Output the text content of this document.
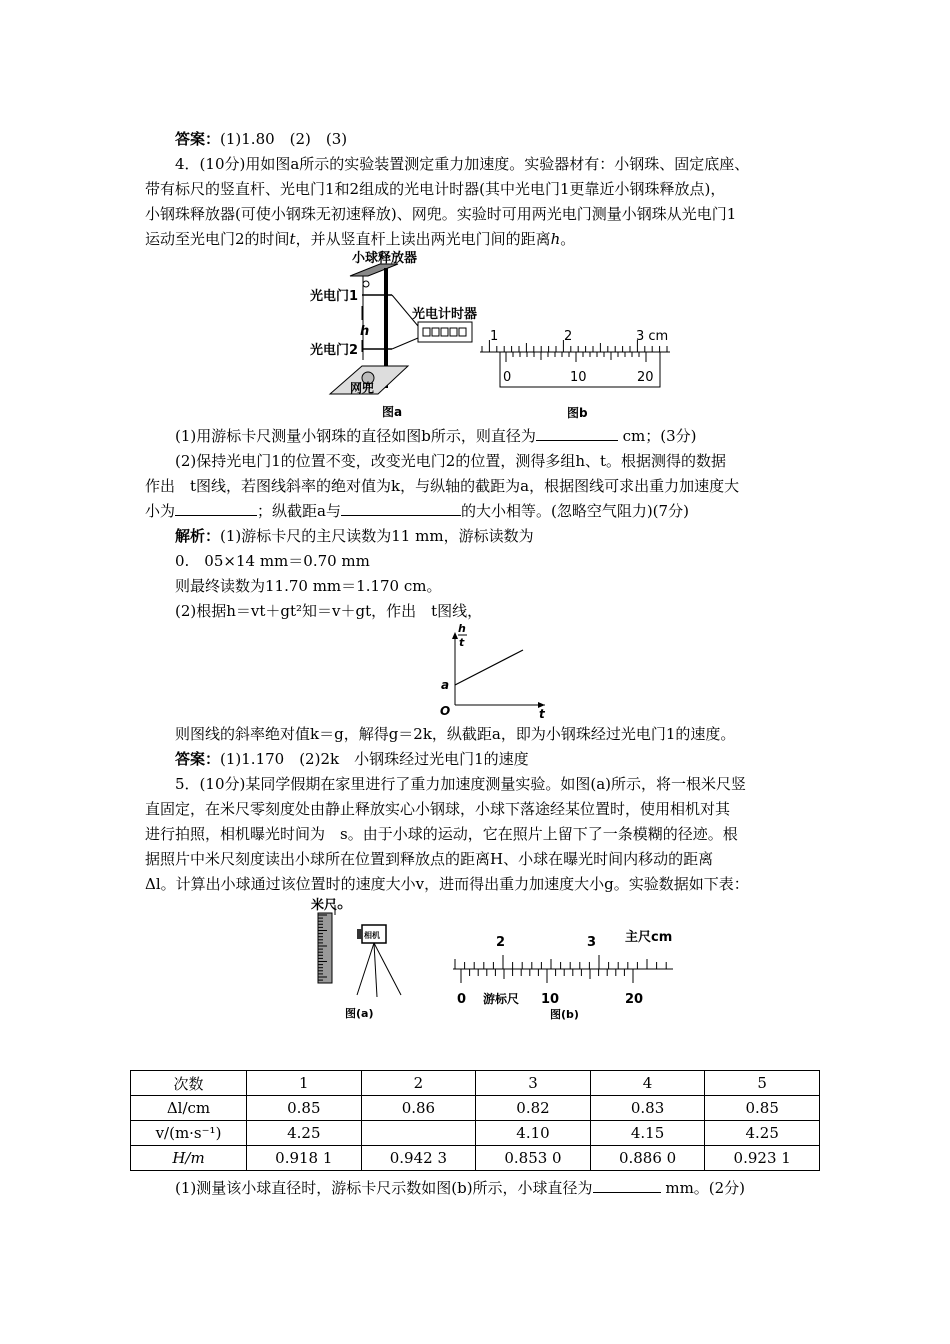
答案：(1)1.80　(2)　(3)
4．(10分)用如图a所示的实验装置测定重力加速度。实验器材有：小钢珠、固定底座、
带有标尺的竖直杆、光电门1和2组成的光电计时器(其中光电门1更靠近小钢珠释放点)，
小钢珠释放器(可使小钢珠无初速释放)、网兜。实验时可用两光电门测量小钢珠从光电门1
运动至光电门2的时间t，并从竖直杆上读出两光电门间的距离h。
小球释放器
光电门1
h
光电门2
光电计时器
网兜
图a
1	2	3 cm
0	10	20
图b
(1)用游标卡尺测量小钢珠的直径如图b所示，则直径为	cm；(3分)
(2)保持光电门1的位置不变，改变光电门2的位置，测得多组h、t。根据测得的数据
作出　t图线，若图线斜率的绝对值为k，与纵轴的截距为a，根据图线可求出重力加速度大
小为	；纵截距a与	的大小相等。(忽略空气阻力)(7分)
解析：(1)游标卡尺的主尺读数为11 mm，游标读数为
0.　05×14 mm＝0.70 mm
则最终读数为11.70 mm＝1.170 cm。
(2)根据h＝vt＋gt²知＝v＋gt，作出　t图线，
h
t
a
O	t
则图线的斜率绝对值k＝g，解得g＝2k，纵截距a，即为小钢珠经过光电门1的速度。
答案：(1)1.170　(2)2k　小钢珠经过光电门1的速度
5．(10分)某同学假期在家里进行了重力加速度测量实验。如图(a)所示，将一根米尺竖
直固定，在米尺零刻度处由静止释放实心小钢球，小球下落途经某位置时，使用相机对其
进行拍照，相机曝光时间为　s。由于小球的运动，它在照片上留下了一条模糊的径迹。根
据照片中米尺刻度读出小球所在位置到释放点的距离H、小球在曝光时间内移动的距离
Δl。计算出小球通过该位置时的速度大小v，进而得出重力加速度大小g。实验数据如下表：
米尺
相机
图(a)
2	3 主尺cm
0 游标尺 10	20
图(b)
次数	1	2	3	4	5
Δl/cm	0.85	0.86	0.82	0.83	0.85
v/(m·s⁻¹)	4.25		4.10	4.15	4.25
H/m	0.918 1	0.942 3	0.853 0	0.886 0	0.923 1
(1)测量该小球直径时，游标卡尺示数如图(b)所示，小球直径为	mm。(2分)
